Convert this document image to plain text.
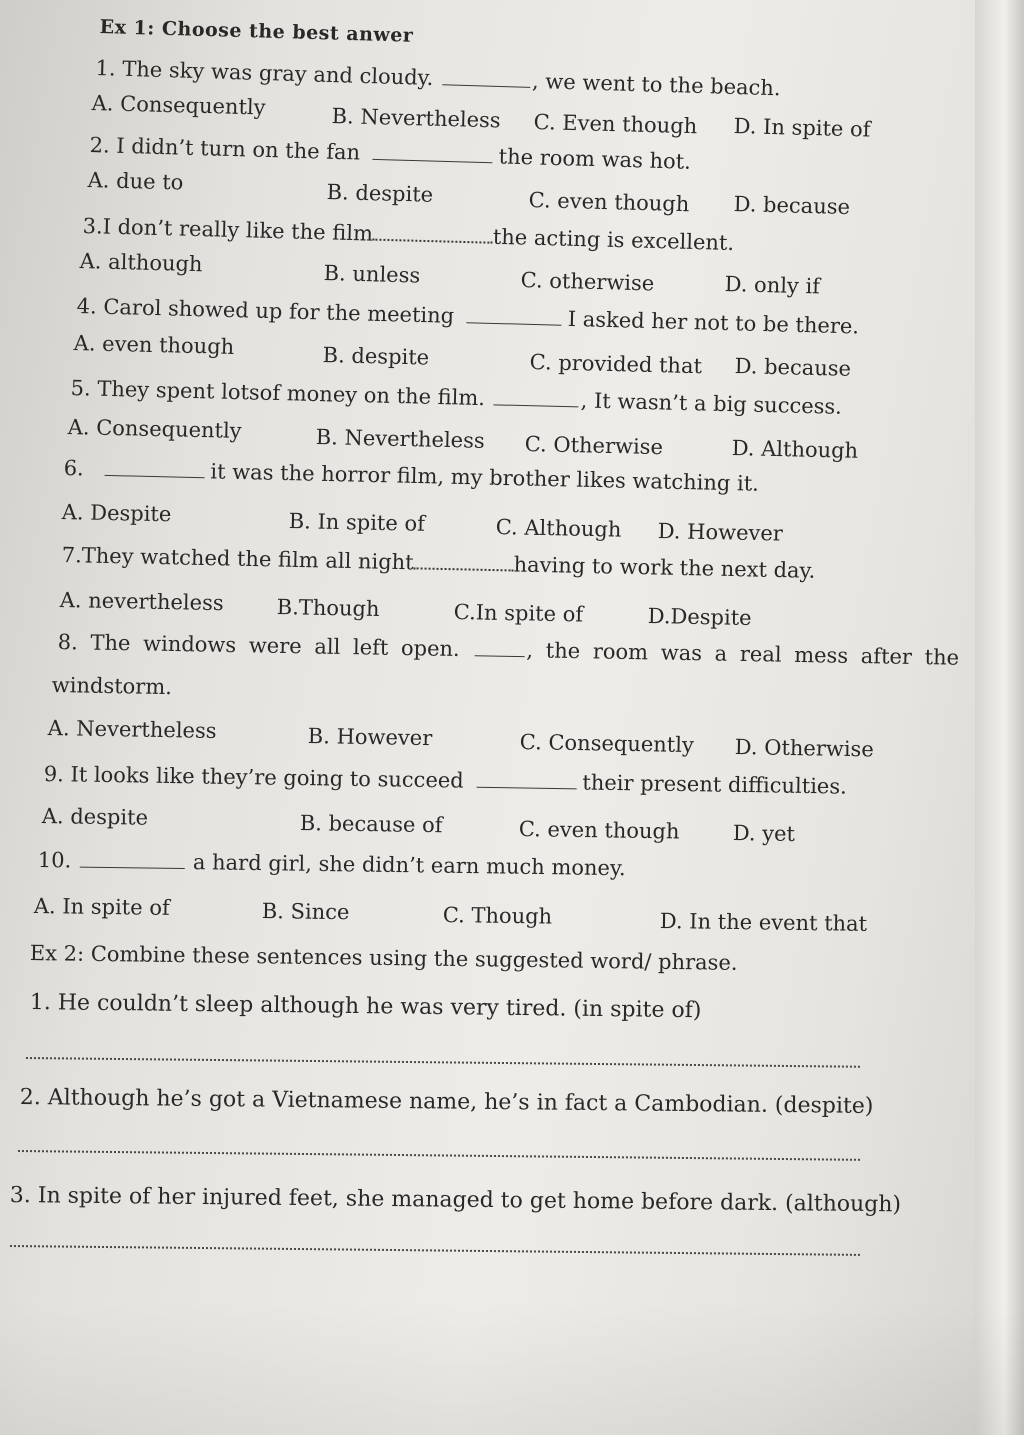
Ex 1: Choose the best anwer
1. The sky was gray and cloudy.	, we went to the beach.
A. Consequently	B. Nevertheless C. Even though D. In spite of
2. I didn’t turn on the fan	the room was hot.
A. due to	B. despite	C. even though D. because
3.I don’t really like the film	the acting is excellent.
A. although	B. unless	C. otherwise	D. only if
4. Carol showed up for the meeting	I asked her not to be there.
A. even though	B. despite	C. provided that D. because
5. They spent lotsof money on the film.	, It wasn’t a big success.
A. Consequently	B. Nevertheless C. Otherwise	D. Although
6.	it was the horror film, my brother likes watching it.
A. Despite	B. In spite of	C. Although D. However
7.They watched the film all night	having to work the next day.
A. nevertheless	B.Though	C.In spite of	D.Despite
8. The windows were all left open.	, the room was a real mess after the
windstorm.
A. Nevertheless	B. However	C. Consequently D. Otherwise
9. It looks like they’re going to succeed	their present difficulties.
A. despite	B. because of	C. even though	D. yet
10.	a hard girl, she didn’t earn much money.
A. In spite of	B. Since	C. Though	D. In the event that
Ex 2: Combine these sentences using the suggested word/ phrase.
1. He couldn’t sleep although he was very tired. (in spite of)
2. Although he’s got a Vietnamese name, he’s in fact a Cambodian. (despite)
3. In spite of her injured feet, she managed to get home before dark. (although)
